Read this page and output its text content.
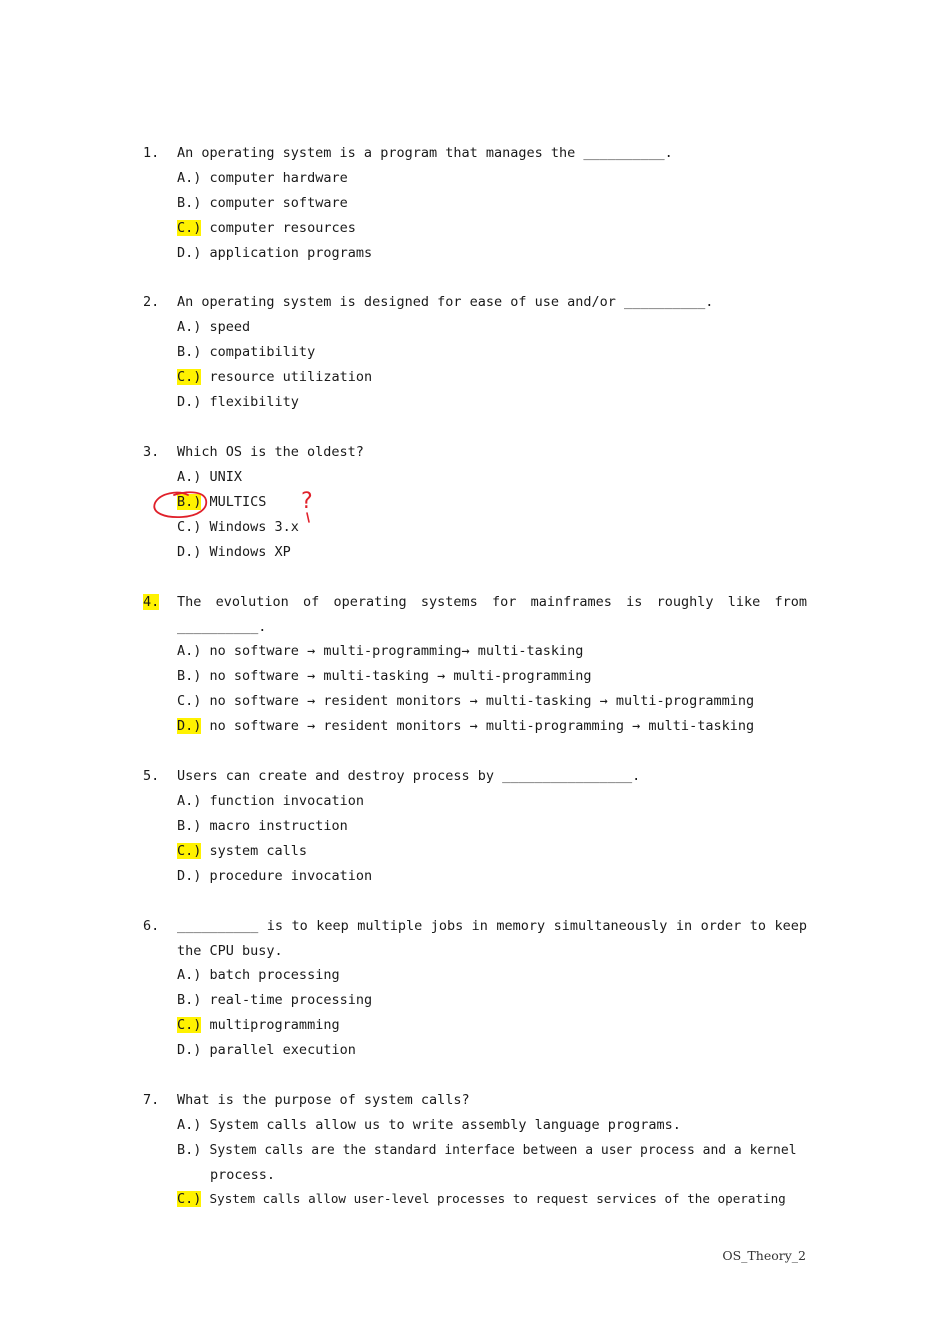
1. An operating system is a program that manages the __________.
A.) computer hardware
B.) computer software
C.) computer resources
D.) application programs
2. An operating system is designed for ease of use and/or __________.
A.) speed
B.) compatibility
C.) resource utilization
D.) flexibility
3. Which OS is the oldest?
A.) UNIX
B.) MULTICS
C.) Windows 3.x
D.) Windows XP
4. The evolution of operating systems for mainframes is roughly like from
__________.
A.) no software → multi-programming→ multi-tasking
B.) no software → multi-tasking → multi-programming
C.) no software → resident monitors → multi-tasking → multi-programming
D.) no software → resident monitors → multi-programming → multi-tasking
5. Users can create and destroy process by ________________.
A.) function invocation
B.) macro instruction
C.) system calls
D.) procedure invocation
6. __________ is to keep multiple jobs in memory simultaneously in order to keep
the CPU busy.
A.) batch processing
B.) real-time processing
C.) multiprogramming
D.) parallel execution
7. What is the purpose of system calls?
A.) System calls allow us to write assembly language programs.
B.) System calls are the standard interface between a user process and a kernel
process.
C.) System calls allow user-level processes to request services of the operating
?
OS_Theory_2
